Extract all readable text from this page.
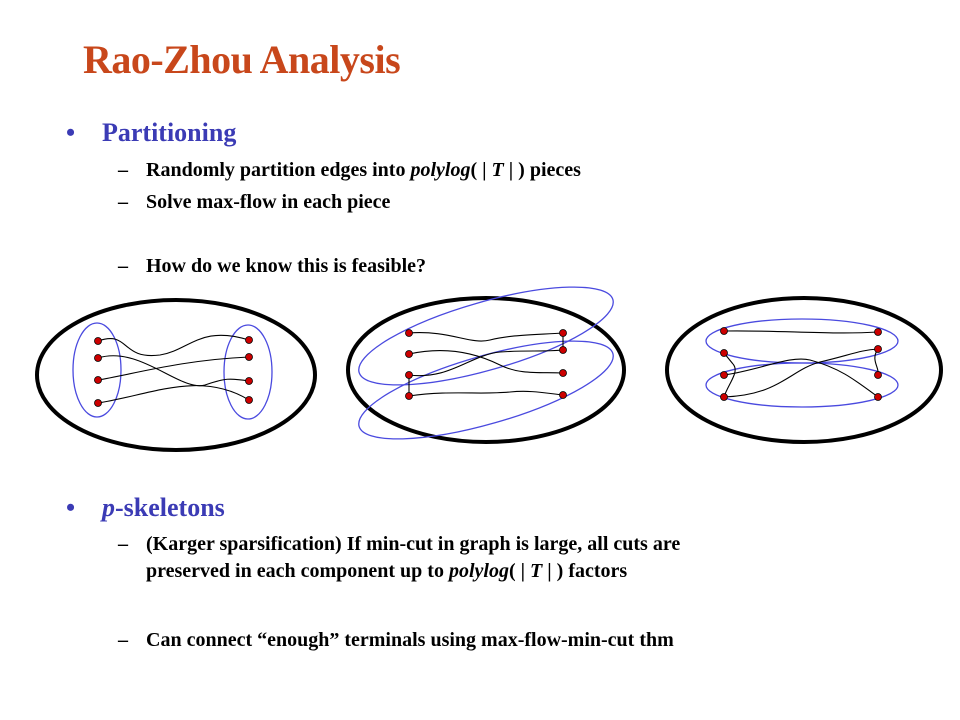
Rao-Zhou Analysis
• Partitioning
– Randomly partition edges into polylog( | T | ) pieces
– Solve max-flow in each piece
– How do we know this is feasible?
• p-skeletons
– (Karger sparsification) If min-cut in graph is large, all cuts are
preserved in each component up to polylog( | T | ) factors
– Can connect “enough” terminals using max-flow-min-cut thm
